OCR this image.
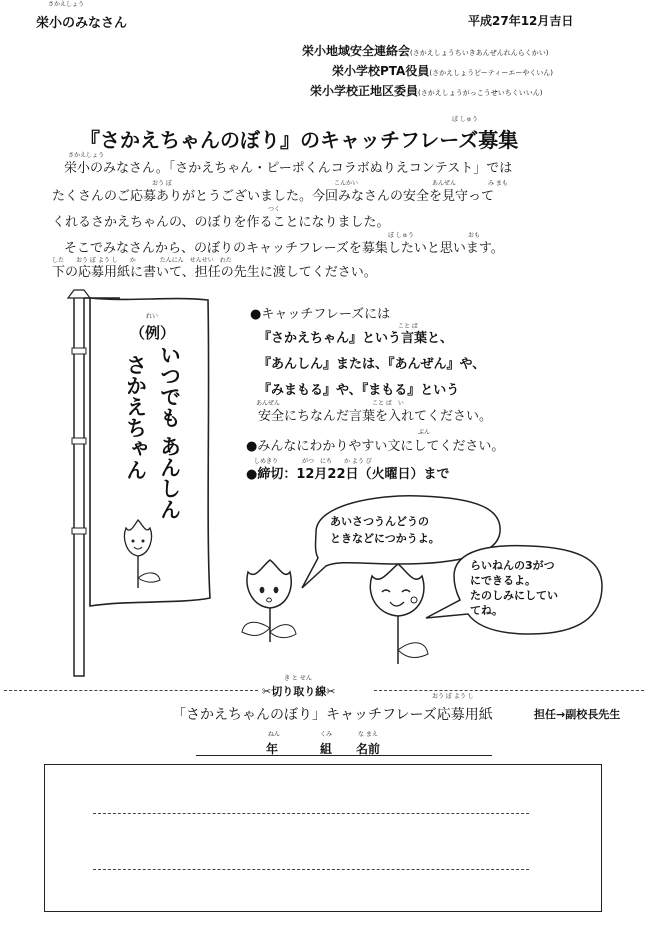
さかえしょう
栄小のみなさん	平成27年12月吉日
栄小地域安全連絡会(さかえしょうちいきあんぜんれんらくかい)
栄小学校PTA役員(さかえしょうピーティーエーやくいん)
栄小学校正地区委員(さかえしょうがっこうせいちくいいん)
ぼ しゅう
『さかえちゃんのぼり』のキャッチフレーズ募集
さかえしょう
栄小のみなさん。「さかえちゃん・ピーポくんコラボぬりえコンテスト」では
おう ぼ	こんかい	あんぜん	み まも
たくさんのご応募ありがとうございました。今回みなさんの安全を見守って
つく
くれるさかえちゃんの、のぼりを作ることになりました。
ぼ しゅう	おも
そこでみなさんから、のぼりのキャッチフレーズを募集したいと思います。
した　　おう ぼ よう し　　か　　　　たんにん　せんせい　わた
下の応募用紙に書いて、担任の先生に渡してください。
れい
（例）
いつでも あんしん
さかえちゃん
●キャッチフレーズには
こと ば
『さかえちゃん』という言葉と、
『あんしん』または、『あんぜん』や、
『みまもる』や、『まもる』という
あんぜん	こと ば　い
安全にちなんだ言葉を入れてください。
ぶん
●みんなにわかりやすい文にしてください。
しめきり　　　　がつ　にち　　か よう び
●締切：12月22日（火曜日）まで
あいさつうんどうの
ときなどにつかうよ。
らいねんの3がつ
にできるよ。
たのしみにしてい
てね。
き と せん
✂切り取り線✂	おう ぼ よう し
「さかえちゃんのぼり」キャッチフレーズ応募用紙	担任→副校長先生
ねん	くみ	な まえ
年	組 名前
